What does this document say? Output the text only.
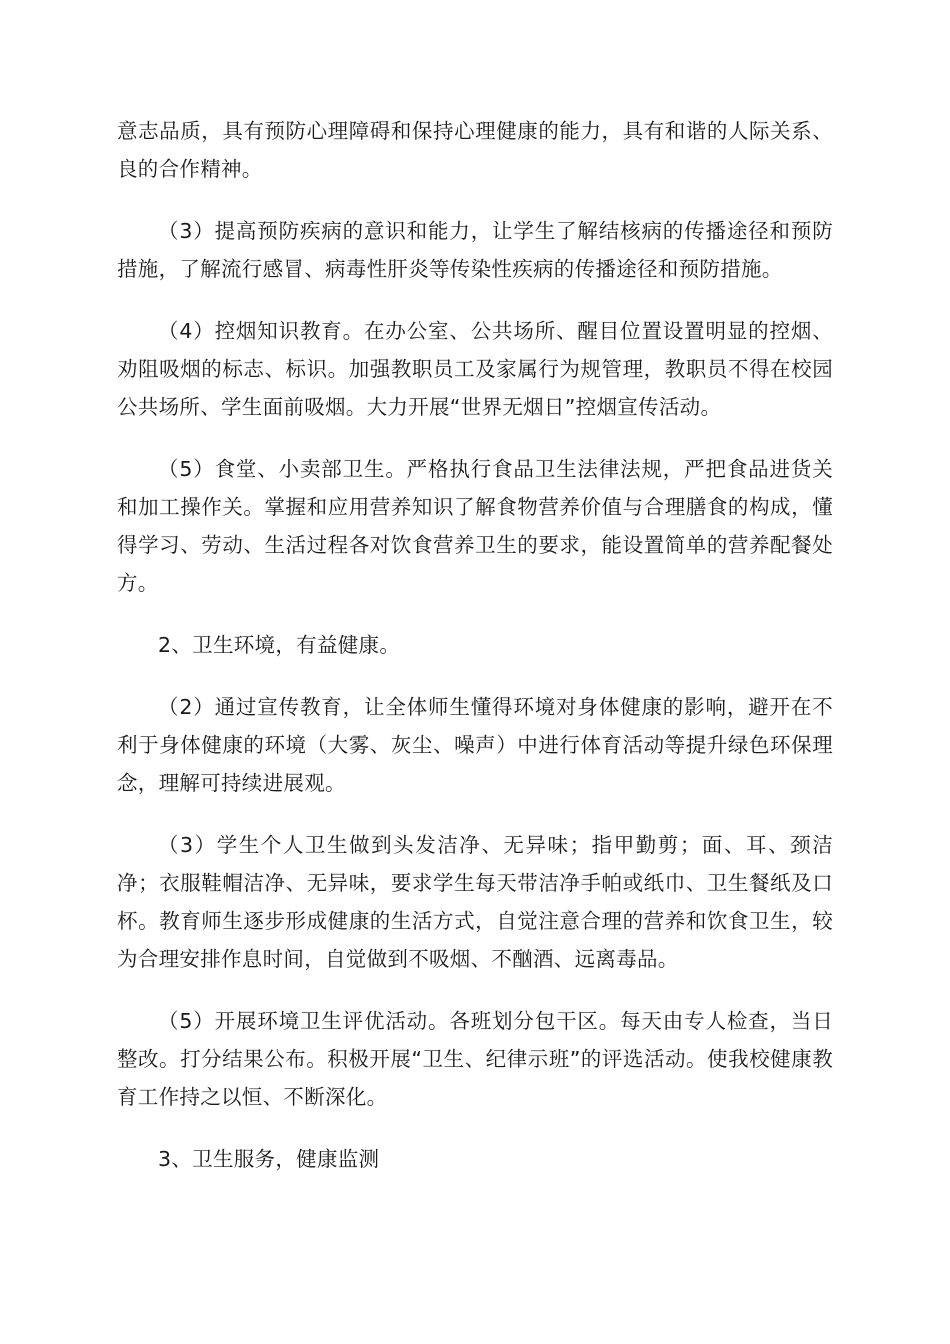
意志品质，具有预防心理障碍和保持心理健康的能力，具有和谐的人际关系、良的合作精神。

（3）提高预防疾病的意识和能力，让学生了解结核病的传播途径和预防措施，了解流行感冒、病毒性肝炎等传染性疾病的传播途径和预防措施。

（4）控烟知识教育。在办公室、公共场所、醒目位置设置明显的控烟、劝阻吸烟的标志、标识。加强教职员工及家属行为规管理，教职员不得在校园公共场所、学生面前吸烟。大力开展“世界无烟日”控烟宣传活动。

（5）食堂、小卖部卫生。严格执行食品卫生法律法规，严把食品进货关和加工操作关。掌握和应用营养知识了解食物营养价值与合理膳食的构成，懂得学习、劳动、生活过程各对饮食营养卫生的要求，能设置简单的营养配餐处方。

2、卫生环境，有益健康。

（2）通过宣传教育，让全体师生懂得环境对身体健康的影响，避开在不利于身体健康的环境（大雾、灰尘、噪声）中进行体育活动等提升绿色环保理念，理解可持续进展观。

（3）学生个人卫生做到头发洁净、无异味；指甲勤剪；面、耳、颈洁净；衣服鞋帽洁净、无异味，要求学生每天带洁净手帕或纸巾、卫生餐纸及口杯。教育师生逐步形成健康的生活方式，自觉注意合理的营养和饮食卫生，较为合理安排作息时间，自觉做到不吸烟、不酗酒、远离毒品。

（5）开展环境卫生评优活动。各班划分包干区。每天由专人检查，当日整改。打分结果公布。积极开展“卫生、纪律示班”的评选活动。使我校健康教育工作持之以恒、不断深化。

3、卫生服务，健康监测
